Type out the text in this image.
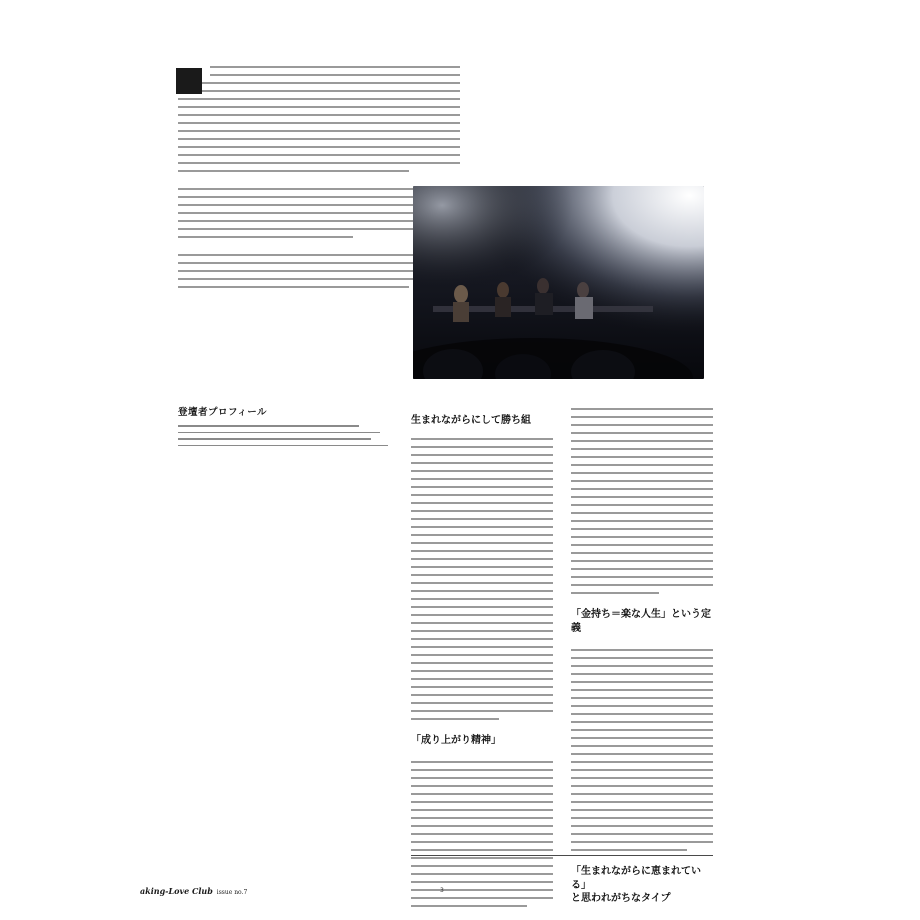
登壇者プロフィール
生まれながらにして勝ち組
「成り上がり精神」
「金持ち＝楽な人生」という定義
「生まれながらに恵まれている」
と思われがちなタイプ
aking-Love Club issue no.7	3
